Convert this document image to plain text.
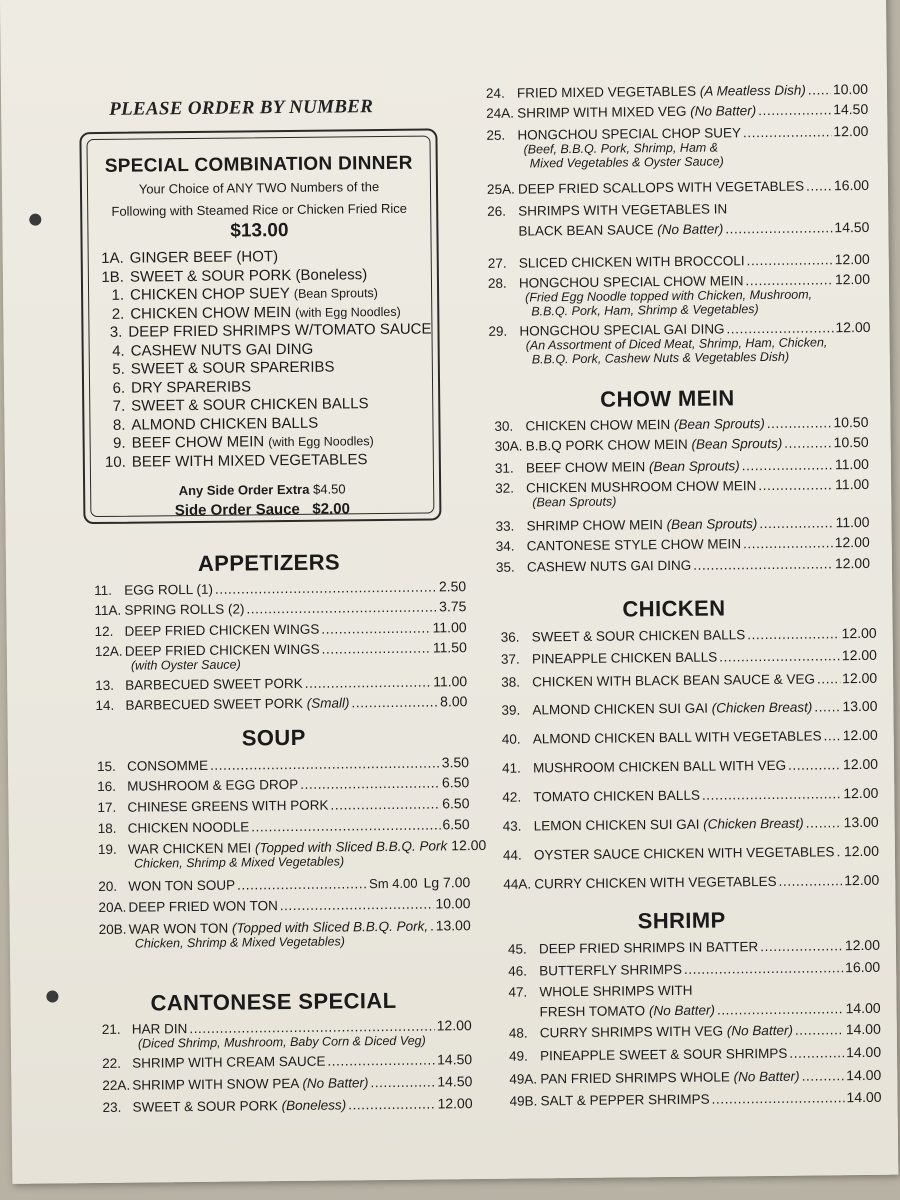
PLEASE ORDER BY NUMBER
SPECIAL COMBINATION DINNER
Your Choice of ANY TWO Numbers of the
Following with Steamed Rice or Chicken Fried Rice
$13.00
1A. GINGER BEEF (HOT)
1B. SWEET & SOUR PORK (Boneless)
1. CHICKEN CHOP SUEY (Bean Sprouts)
2. CHICKEN CHOW MEIN (with Egg Noodles)
3. DEEP FRIED SHRIMPS W/TOMATO SAUCE
4. CASHEW NUTS GAI DING
5. SWEET & SOUR SPARERIBS
6. DRY SPARERIBS
7. SWEET & SOUR CHICKEN BALLS
8. ALMOND CHICKEN BALLS
9. BEEF CHOW MEIN (with Egg Noodles)
10. BEEF WITH MIXED VEGETABLES
Any Side Order Extra $4.50
Side Order Sauce $2.00
APPETIZERS
11. EGG ROLL (1) .....	2.50
11A. SPRING ROLLS (2) .....	3.75
12. DEEP FRIED CHICKEN WINGS .....	11.00
12A. DEEP FRIED CHICKEN WINGS .....	11.50
(with Oyster Sauce)
13. BARBECUED SWEET PORK .....	11.00
14. BARBECUED SWEET PORK (Small) .....	8.00
SOUP
15. CONSOMME .....	3.50
16. MUSHROOM & EGG DROP .....	6.50
17. CHINESE GREENS WITH PORK .....	6.50
18. CHICKEN NOODLE .....	6.50
19. WAR CHICKEN MEI (Topped with Sliced B.B.Q. Pork ..... 12.00
Chicken, Shrimp & Mixed Vegetables)
20. WON TON SOUP .....	Sm 4.00 Lg 7.00
20A. DEEP FRIED WON TON .....	10.00
20B. WAR WON TON (Topped with Sliced B.B.Q. Pork, ..... 13.00
Chicken, Shrimp & Mixed Vegetables)
CANTONESE SPECIAL
21. HAR DIN .....	12.00
(Diced Shrimp, Mushroom, Baby Corn & Diced Veg)
22. SHRIMP WITH CREAM SAUCE .....	14.50
22A. SHRIMP WITH SNOW PEA (No Batter) .....	14.50
23. SWEET & SOUR PORK (Boneless) .....	12.00
24. FRIED MIXED VEGETABLES (A Meatless Dish) ..... 10.00
24A. SHRIMP WITH MIXED VEG (No Batter) .....	14.50
25. HONGCHOU SPECIAL CHOP SUEY .....	12.00
(Beef, B.B.Q. Pork, Shrimp, Ham &
Mixed Vegetables & Oyster Sauce)
25A. DEEP FRIED SCALLOPS WITH VEGETABLES ..... 16.00
26. SHRIMPS WITH VEGETABLES IN
BLACK BEAN SAUCE (No Batter) .....	14.50
27. SLICED CHICKEN WITH BROCCOLI .....	12.00
28. HONGCHOU SPECIAL CHOW MEIN .....	12.00
(Fried Egg Noodle topped with Chicken, Mushroom,
B.B.Q. Pork, Ham, Shrimp & Vegetables)
29. HONGCHOU SPECIAL GAI DING .....	12.00
(An Assortment of Diced Meat, Shrimp, Ham, Chicken,
B.B.Q. Pork, Cashew Nuts & Vegetables Dish)
CHOW MEIN
30. CHICKEN CHOW MEIN (Bean Sprouts) .....	10.50
30A. B.B.Q PORK CHOW MEIN (Bean Sprouts) .....	10.50
31. BEEF CHOW MEIN (Bean Sprouts) .....	11.00
32. CHICKEN MUSHROOM CHOW MEIN .....	11.00
(Bean Sprouts)
33. SHRIMP CHOW MEIN (Bean Sprouts) .....	11.00
34. CANTONESE STYLE CHOW MEIN .....	12.00
35. CASHEW NUTS GAI DING .....	12.00
CHICKEN
36. SWEET & SOUR CHICKEN BALLS .....	12.00
37. PINEAPPLE CHICKEN BALLS .....	12.00
38. CHICKEN WITH BLACK BEAN SAUCE & VEG ..... 12.00
39. ALMOND CHICKEN SUI GAI (Chicken Breast) ..... 13.00
40. ALMOND CHICKEN BALL WITH VEGETABLES ..... 12.00
41. MUSHROOM CHICKEN BALL WITH VEG .....	12.00
42. TOMATO CHICKEN BALLS .....	12.00
43. LEMON CHICKEN SUI GAI (Chicken Breast) .....	13.00
44. OYSTER SAUCE CHICKEN WITH VEGETABLES ..... 12.00
44A. CURRY CHICKEN WITH VEGETABLES .....	12.00
SHRIMP
45. DEEP FRIED SHRIMPS IN BATTER .....	12.00
46. BUTTERFLY SHRIMPS .....	16.00
47. WHOLE SHRIMPS WITH
FRESH TOMATO (No Batter) .....	14.00
48. CURRY SHRIMPS WITH VEG (No Batter) .....	14.00
49. PINEAPPLE SWEET & SOUR SHRIMPS .....	14.00
49A. PAN FRIED SHRIMPS WHOLE (No Batter) .....	14.00
49B. SALT & PEPPER SHRIMPS .....	14.00
